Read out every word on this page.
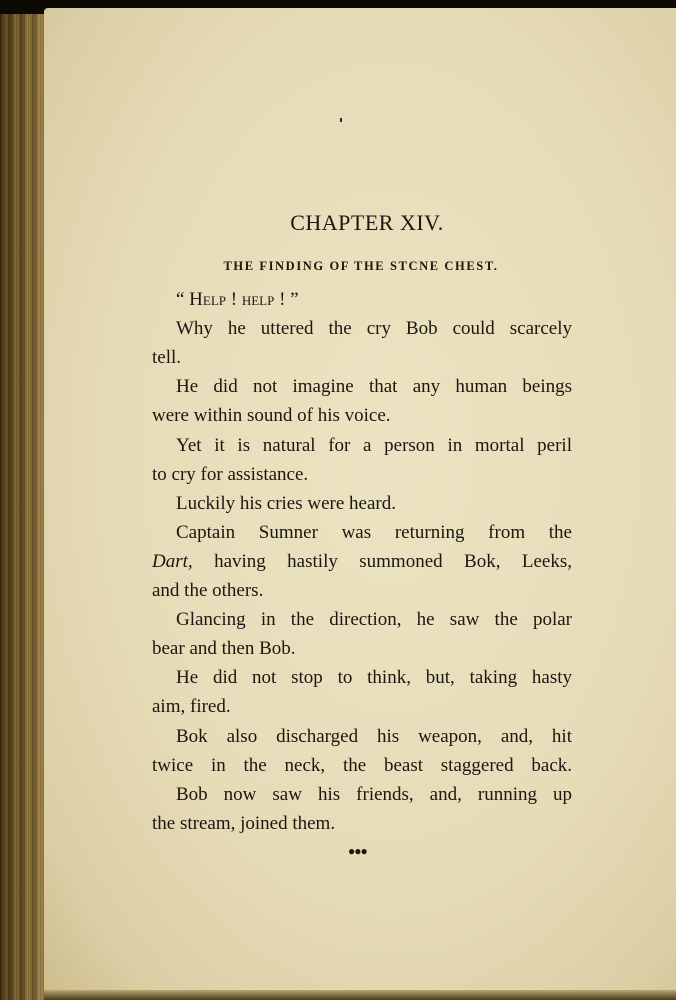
CHAPTER XIV.
THE FINDING OF THE STCNE CHEST.
“ Help ! help ! ”
Why he uttered the cry Bob could scarcely
tell.
He did not imagine that any human beings
were within sound of his voice.
Yet it is natural for a person in mortal peril
to cry for assistance.
Luckily his cries were heard.
Captain Sumner was returning from the
Dart, having hastily summoned Bok, Leeks,
and the others.
Glancing in the direction, he saw the polar
bear and then Bob.
He did not stop to think, but, taking hasty
aim, fired.
Bok also discharged his weapon, and, hit
twice in the neck, the beast staggered back.
Bob now saw his friends, and, running up
the stream, joined them.
●●●
